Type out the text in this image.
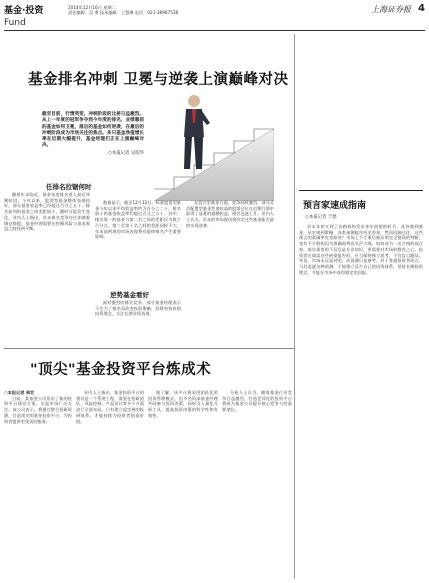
基金·投资	2014年12月16日 星期二
责任编辑：吴 勇 技术编辑：王慧琳 电话：021-38967538	上海证券报 4
Fund
基金排名冲刺 卫冕与逆袭上演巅峰对决
截至目前，行情突变，冲刺阶段的比拼日益激烈。从上一年度的冠军争夺到今年度的排名，业绩靠前的基金如何卫冕，落后的基金如何逆袭，在最后的冲刺阶段成为市场关注的焦点。多只基金净值增长率在近期大幅提升，基金经理们正在上演巅峰对决。
○本报记者 吴绍华
任排名拉锯何时

随着年末临近，基金年度排名进入最后冲刺阶段。今年以来，股票型基金整体表现较好，部分基金收益率已经超过百分之五十，排名前列的基金之间差距较小，随时可能发生变化。业内人士指出，年末排名竞争往往伴随着调仓换股，基金经理需要在控制风险与追求收益之间找到平衡。

数据显示，截至12月12日，标准股票型基金今年以来平均收益率约为百分之二十，排名前十的基金收益率均超过百分之五十。其中，排名第一的基金与第二名之间的差距仅为数个百分点，第三至第十名之间的差距同样不大，年末前两周的市场表现将对最终排名产生重要影响。

在混合型基金方面，竞争同样激烈。部分灵活配置型基金凭借较高的股票仓位在近期行情中取得了显著的超额收益，排名迅速上升。业内人士认为，年末的市场波动将决定这些基金能否最终实现逆袭。

逆势基金看好

面对激烈的排名竞争，部分基金经理表示不会为了排名而改变投资策略，仍将坚持价值投资理念，关注长期业绩表现。

"顶尖"基金投资平台炼成术

○本报记者 周宏

日前，某基金公司发布了新的投资平台建设方案，引起市场广泛关注。该公司表示，将通过整合投研资源，打造顶尖的基金投资平台，为投资者提供更优质的服务。

业内人士指出，基金投资平台的建设是一个系统工程，需要在投研团队、风险控制、产品设计等多个方面进行全面布局。只有建立起完善的投研体系，才能持续为投资者创造价值。

据了解，该平台将采用团队化的投资管理模式，由多名资深基金经理共同参与投资决策，同时引入量化分析工具，提高投资决策的科学性和有效性。

分析人士认为，随着基金行业竞争日益激烈，打造差异化的投资平台将成为基金公司提升核心竞争力的重要途径。

预言家速成指南
○本报记者 于德

岁末年初又到了各路机构发布来年展望的时节。从券商到基金，从宏观到策略，各类预测报告纷至沓来。然而回顾过往，这些预言的准确率究竟如何？市场上不乏事后被证明完全错误的判断，也有不少机构因为准确预判而名声大噪。如何成为一名合格的预言家，或许需要的不仅仅是专业知识，更需要对市场的敬畏之心。投资者在阅读这些展望报告时，应当保持独立思考，不宜盲目跟从。毕竟，市场永远是对的，而预测只是参考。对于普通投资者而言，与其追逐各种预测，不如建立适合自己的投资体系，坚持长期投资理念，才能在市场中获得稳定的回报。
